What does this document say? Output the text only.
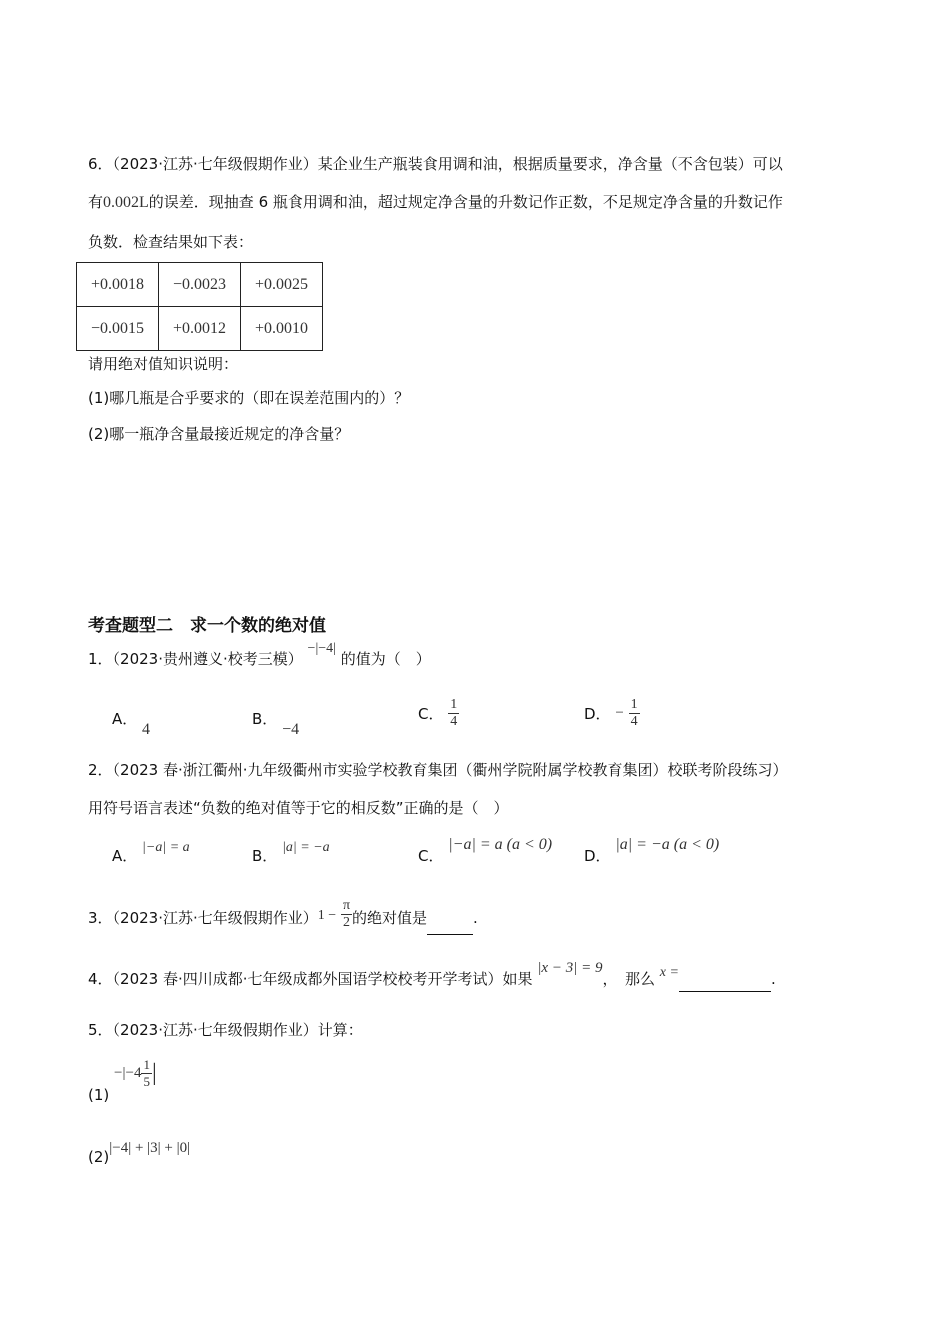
6．（2023·江苏·七年级假期作业）某企业生产瓶装食用调和油，根据质量要求，净含量（不含包装）可以
有0.002L的误差．现抽查 6 瓶食用调和油，超过规定净含量的升数记作正数，不足规定净含量的升数记作
负数．检查结果如下表：
+0.0018	−0.0023	+0.0025
−0.0015	+0.0012	+0.0010
请用绝对值知识说明：
(1)哪几瓶是合乎要求的（即在误差范围内的）？
(2)哪一瓶净含量最接近规定的净含量？
考查题型二　求一个数的绝对值
1．（2023·贵州遵义·校考三模） −|−4| 的值为（　）
A． 4
B． −4
C． $\frac{1}{4}$	D． − $\frac{1}{4}$
2．（2023 春·浙江衢州·九年级衢州市实验学校教育集团（衢州学院附属学校教育集团）校联考阶段练习）
用符号语言表述“负数的绝对值等于它的相反数”正确的是（　）
A． |−a| = a	B． |a| = −a	C． |−a| = a (a < 0)
D． |a| = −a (a < 0)
3．（2023·江苏·七年级假期作业）$1 - \frac{\pi}{2}$ 的绝对值是	.
4．（2023 春·四川成都·七年级成都外国语学校校考开学考试）如果 |x − 3| = 9，　那么 x =	.
5．（2023·江苏·七年级假期作业）计算：
$(1) -|-4 \frac{1}{5}$ |
(2)|−4| + |3| + |0|
